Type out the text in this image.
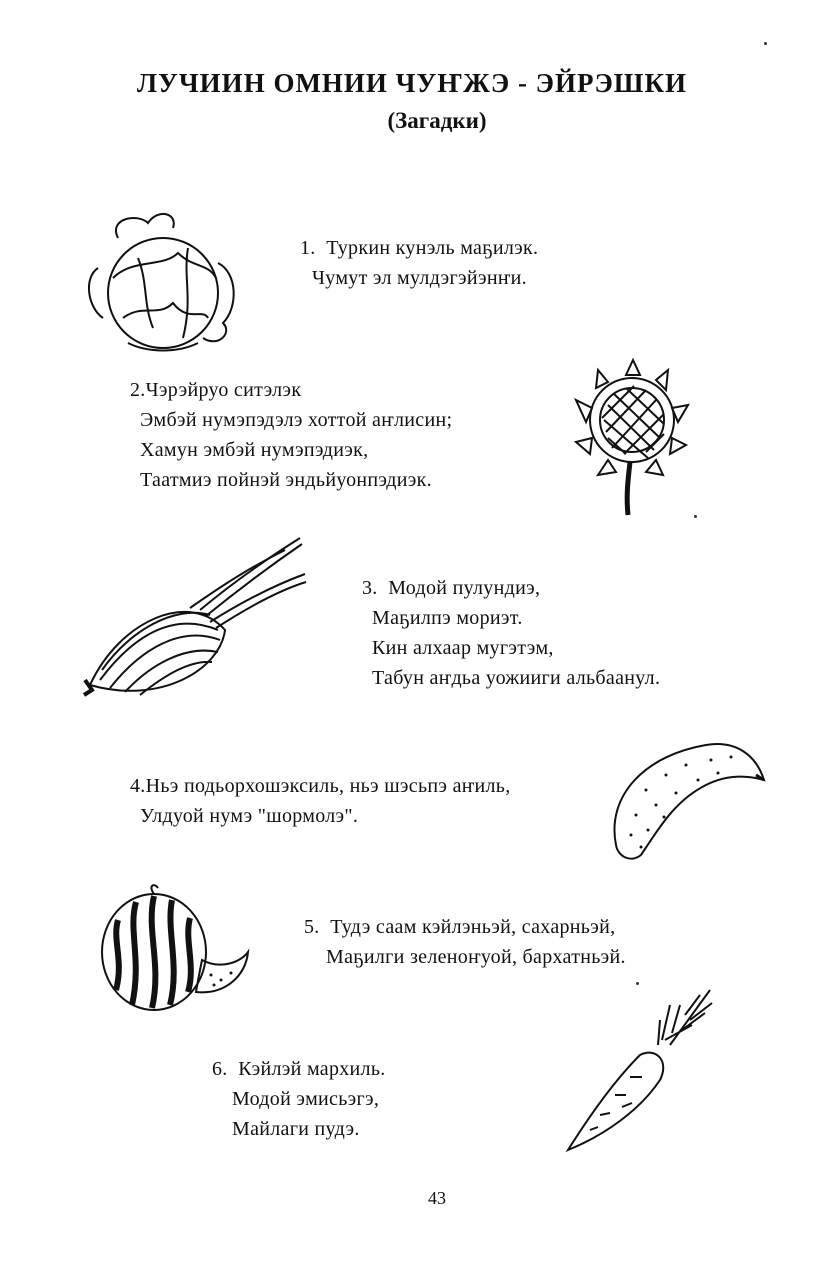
ЛУЧИИН ОМНИИ ЧУҤЖЭ - ЭЙРЭШКИ
(Загадки)
1. Туркин кунэль маҕилэк.
Чумут эл мулдэгэйэнҥи.
2.Чэрэйруо ситэлэк
Эмбэй нумэпэдэлэ хоттой аҥлисин;
Хамун эмбэй нумэпэдиэк,
Таатмиэ пойнэй эндьйуонпэдиэк.
3. Модой пулундиэ,
Маҕилпэ мориэт.
Кин алхаар мугэтэм,
Табун аҥдьа уожииги альбаанул.
4.Ньэ подьорхошэксиль, ньэ шэсьпэ аҥиль,
Улдуой нумэ "шормолэ".
5. Тудэ саам кэйлэньэй, сахарньэй,
Маҕилги зеленоҥуой, бархатньэй.
6. Кэйлэй мархиль.
Модой эмисьэгэ,
Майлаги пудэ.
43
